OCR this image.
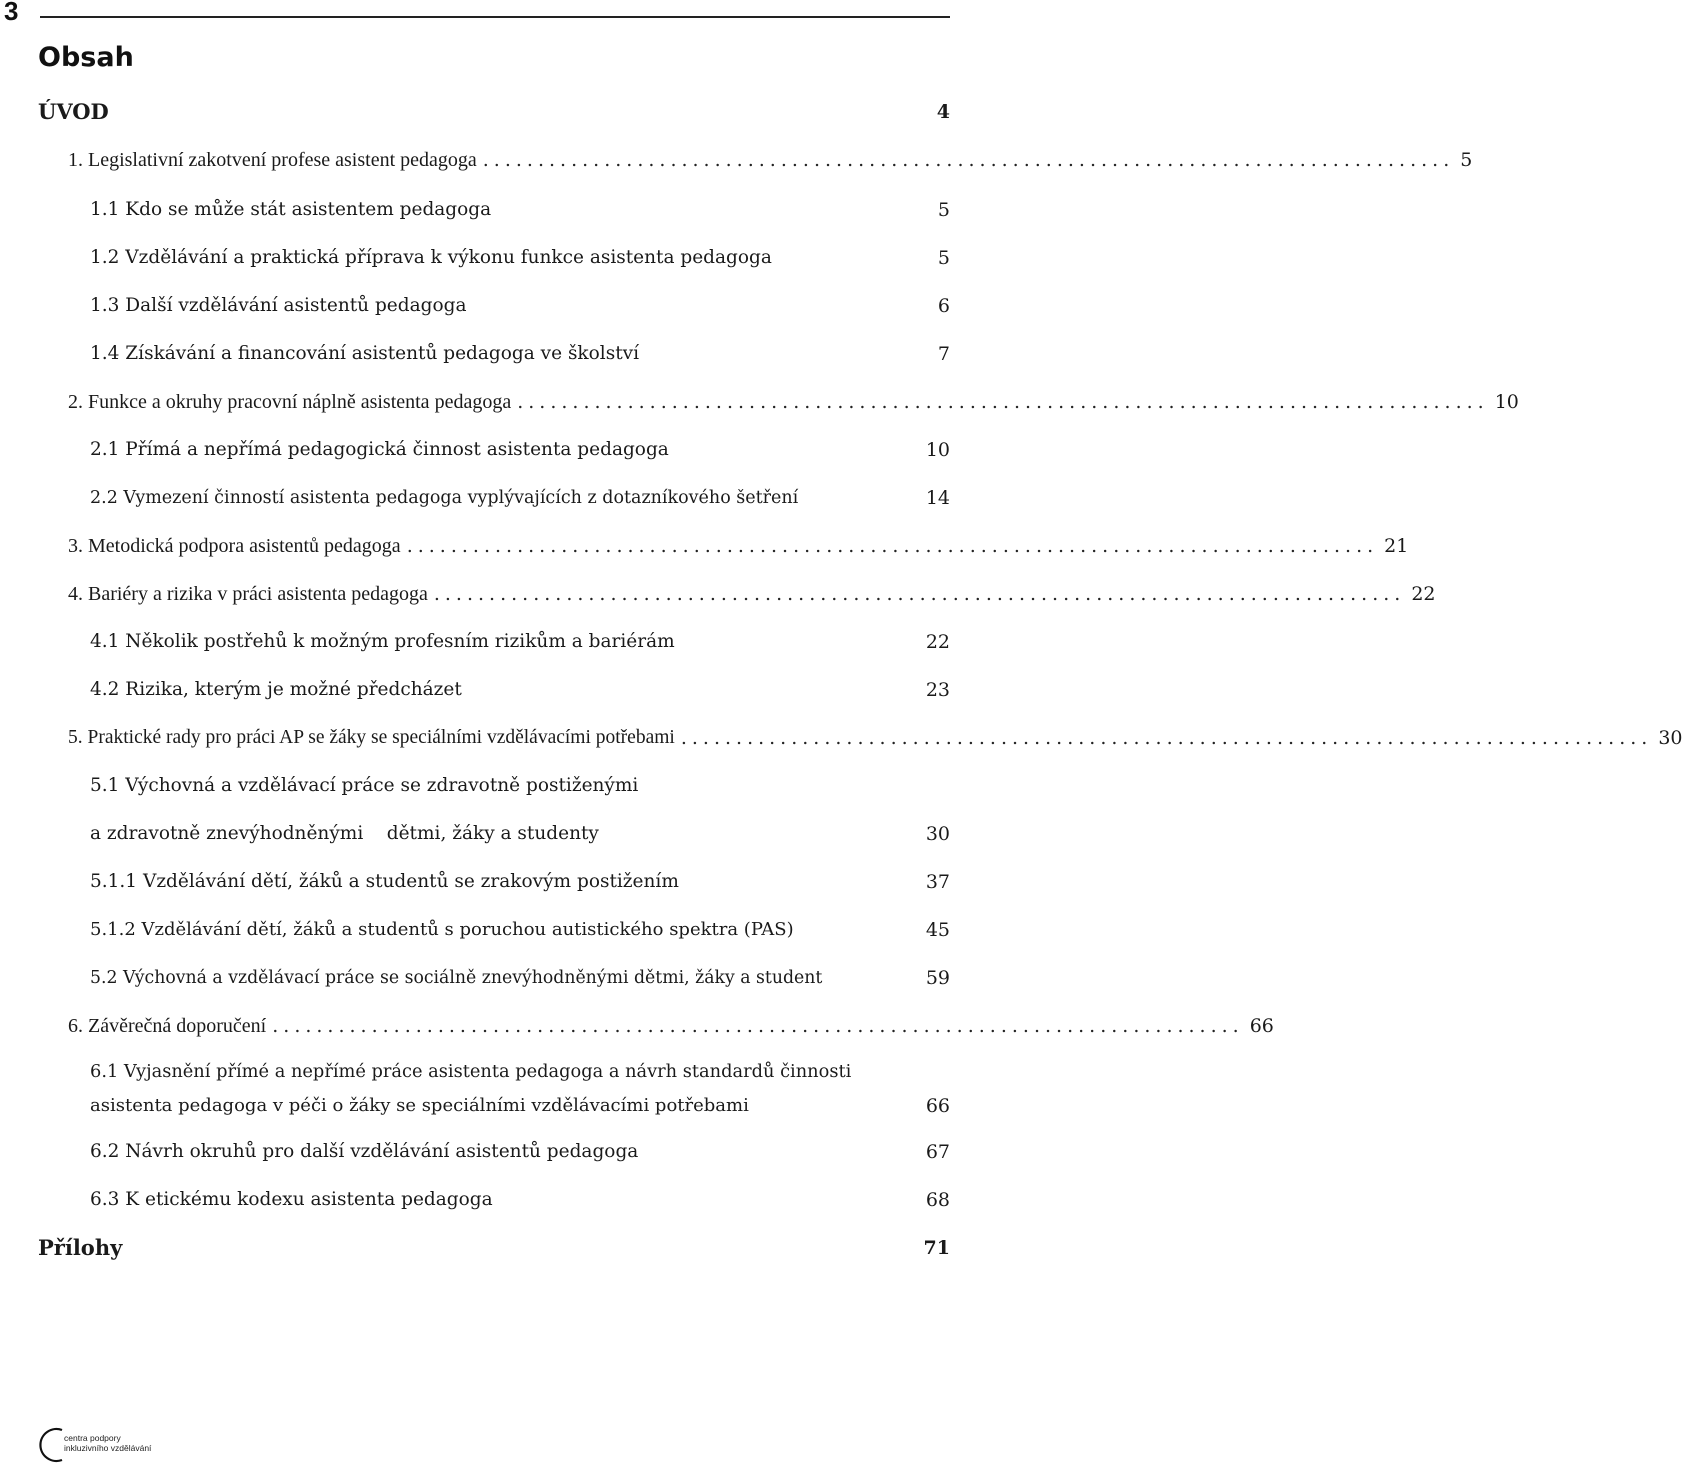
3
Obsah
ÚVOD	4
1. Legislativní zakotvení profese asistent pedagoga ........................................................................................ 5
1.1 Kdo se může stát asistentem pedagoga	5
1.2 Vzdělávání a praktická příprava k výkonu funkce asistenta pedagoga	5
1.3 Další vzdělávání asistentů pedagoga	6
1.4 Získávání a financování asistentů pedagoga ve školství	7
2. Funkce a okruhy pracovní náplně asistenta pedagoga ........................................................................................ 10
2.1 Přímá a nepřímá pedagogická činnost asistenta pedagoga	10
2.2 Vymezení činností asistenta pedagoga vyplývajících z dotazníkového šetření	14
3. Metodická podpora asistentů pedagoga ........................................................................................ 21
4. Bariéry a rizika v práci asistenta pedagoga ........................................................................................ 22
4.1 Několik postřehů k možným profesním rizikům a bariérám	22
4.2 Rizika, kterým je možné předcházet	23
5. Praktické rady pro práci AP se žáky se speciálními vzdělávacími potřebami ........................................................................................ 30
5.1 Výchovná a vzdělávací práce se zdravotně postiženými
a zdravotně znevýhodněnými    dětmi, žáky a studenty	30
5.1.1 Vzdělávání dětí, žáků a studentů se zrakovým postižením	37
5.1.2 Vzdělávání dětí, žáků a studentů s poruchou autistického spektra (PAS)	45
5.2 Výchovná a vzdělávací práce se sociálně znevýhodněnými dětmi, žáky a student	59
6. Závěrečná doporučení ........................................................................................ 66
6.1 Vyjasnění přímé a nepřímé práce asistenta pedagoga a návrh standardů činnosti
asistenta pedagoga v péči o žáky se speciálními vzdělávacími potřebami	66
6.2 Návrh okruhů pro další vzdělávání asistentů pedagoga	67
6.3 K etickému kodexu asistenta pedagoga	68
Přílohy	71
centra podpory
inkluzivního vzdělávání
